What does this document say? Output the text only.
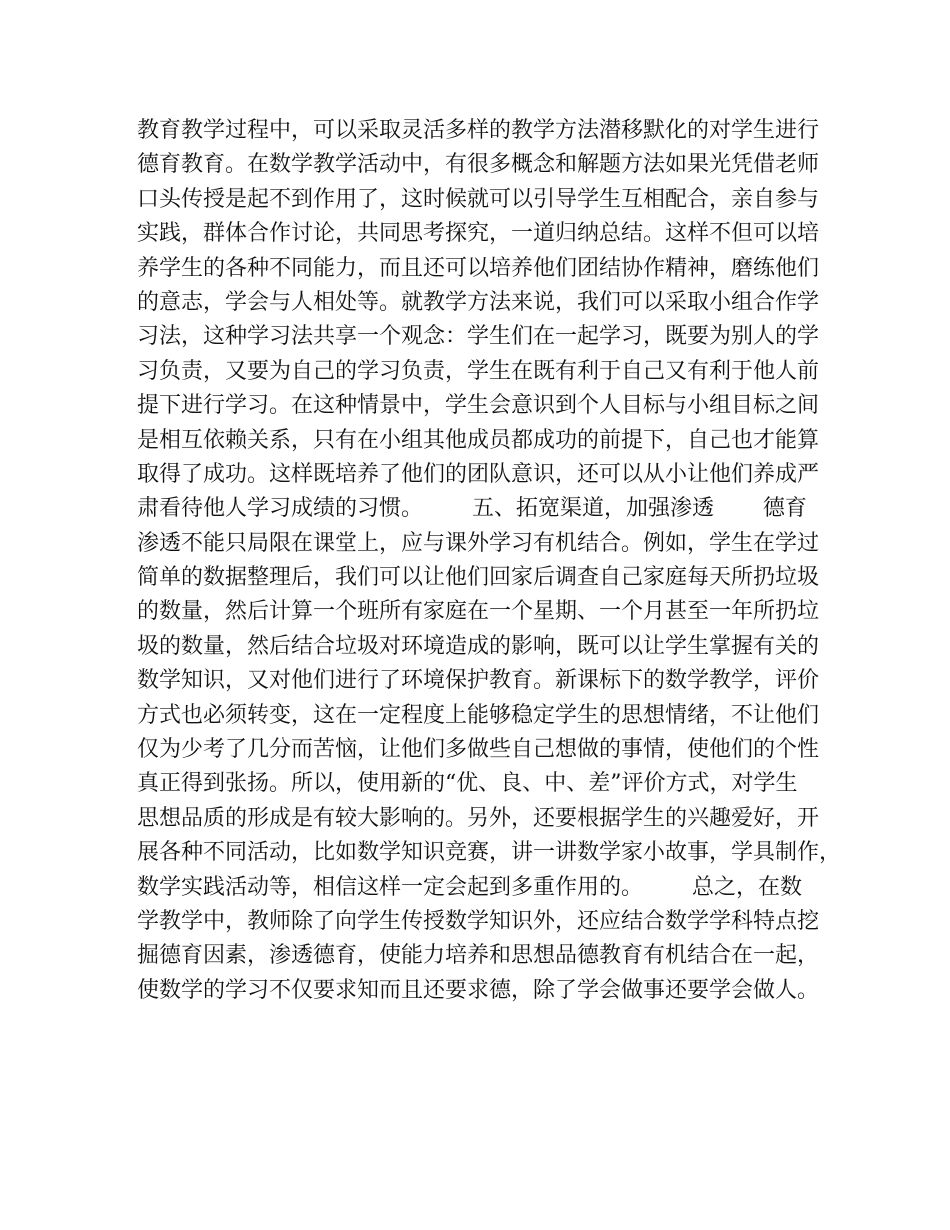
教育教学过程中，可以采取灵活多样的教学方法潜移默化的对学生进行
德育教育。在数学教学活动中，有很多概念和解题方法如果光凭借老师
口头传授是起不到作用了，这时候就可以引导学生互相配合，亲自参与
实践，群体合作讨论，共同思考探究，一道归纳总结。这样不但可以培
养学生的各种不同能力，而且还可以培养他们团结协作精神，磨练他们
的意志，学会与人相处等。就教学方法来说，我们可以采取小组合作学
习法，这种学习法共享一个观念：学生们在一起学习，既要为别人的学
习负责，又要为自己的学习负责，学生在既有利于自己又有利于他人前
提下进行学习。在这种情景中，学生会意识到个人目标与小组目标之间
是相互依赖关系，只有在小组其他成员都成功的前提下，自己也才能算
取得了成功。这样既培养了他们的团队意识，还可以从小让他们养成严
肃看待他人学习成绩的习惯。       五、拓宽渠道，加强渗透       德育
渗透不能只局限在课堂上，应与课外学习有机结合。例如，学生在学过
简单的数据整理后，我们可以让他们回家后调查自己家庭每天所扔垃圾
的数量，然后计算一个班所有家庭在一个星期、一个月甚至一年所扔垃
圾的数量，然后结合垃圾对环境造成的影响，既可以让学生掌握有关的
数学知识，又对他们进行了环境保护教育。新课标下的数学教学，评价
方式也必须转变，这在一定程度上能够稳定学生的思想情绪，不让他们
仅为少考了几分而苦恼，让他们多做些自己想做的事情，使他们的个性
真正得到张扬。所以，使用新的“优、良、中、差”评价方式，对学生
思想品质的形成是有较大影响的。另外，还要根据学生的兴趣爱好，开
展各种不同活动，比如数学知识竞赛，讲一讲数学家小故事，学具制作，
数学实践活动等，相信这样一定会起到多重作用的。       总之，在数
学教学中，教师除了向学生传授数学知识外，还应结合数学学科特点挖
掘德育因素，渗透德育，使能力培养和思想品德教育有机结合在一起，
使数学的学习不仅要求知而且还要求德，除了学会做事还要学会做人。
